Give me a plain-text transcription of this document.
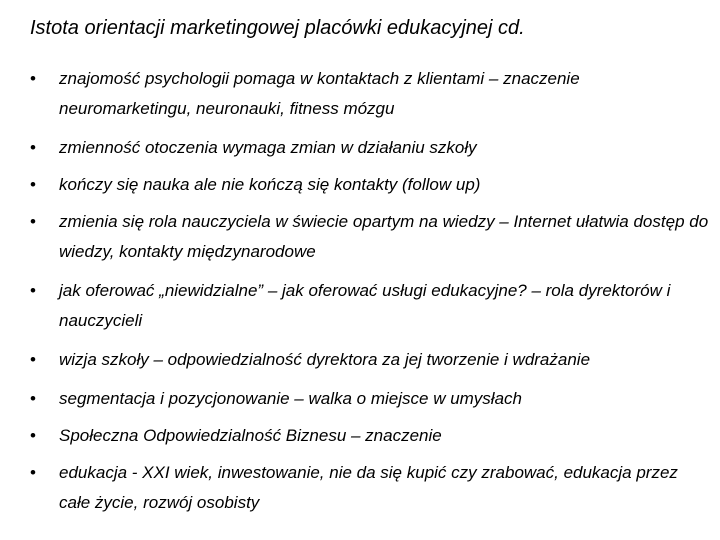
Istota orientacji marketingowej placówki edukacyjnej cd.
• znajomość psychologii pomaga w kontaktach z klientami – znaczenie neuromarketingu, neuronauki, fitness mózgu
• zmienność otoczenia wymaga zmian w działaniu szkoły
• kończy się nauka ale nie kończą się kontakty (follow up)
• zmienia się rola nauczyciela w świecie opartym na wiedzy – Internet ułatwia dostęp do wiedzy, kontakty międzynarodowe
• jak oferować „niewidzialne” – jak oferować usługi edukacyjne? – rola dyrektorów i nauczycieli
• wizja szkoły – odpowiedzialność dyrektora za jej tworzenie i wdrażanie
• segmentacja i pozycjonowanie – walka o miejsce w umysłach
• Społeczna Odpowiedzialność Biznesu – znaczenie
• edukacja - XXI wiek, inwestowanie, nie da się kupić czy zrabować, edukacja przez całe życie, rozwój osobisty
